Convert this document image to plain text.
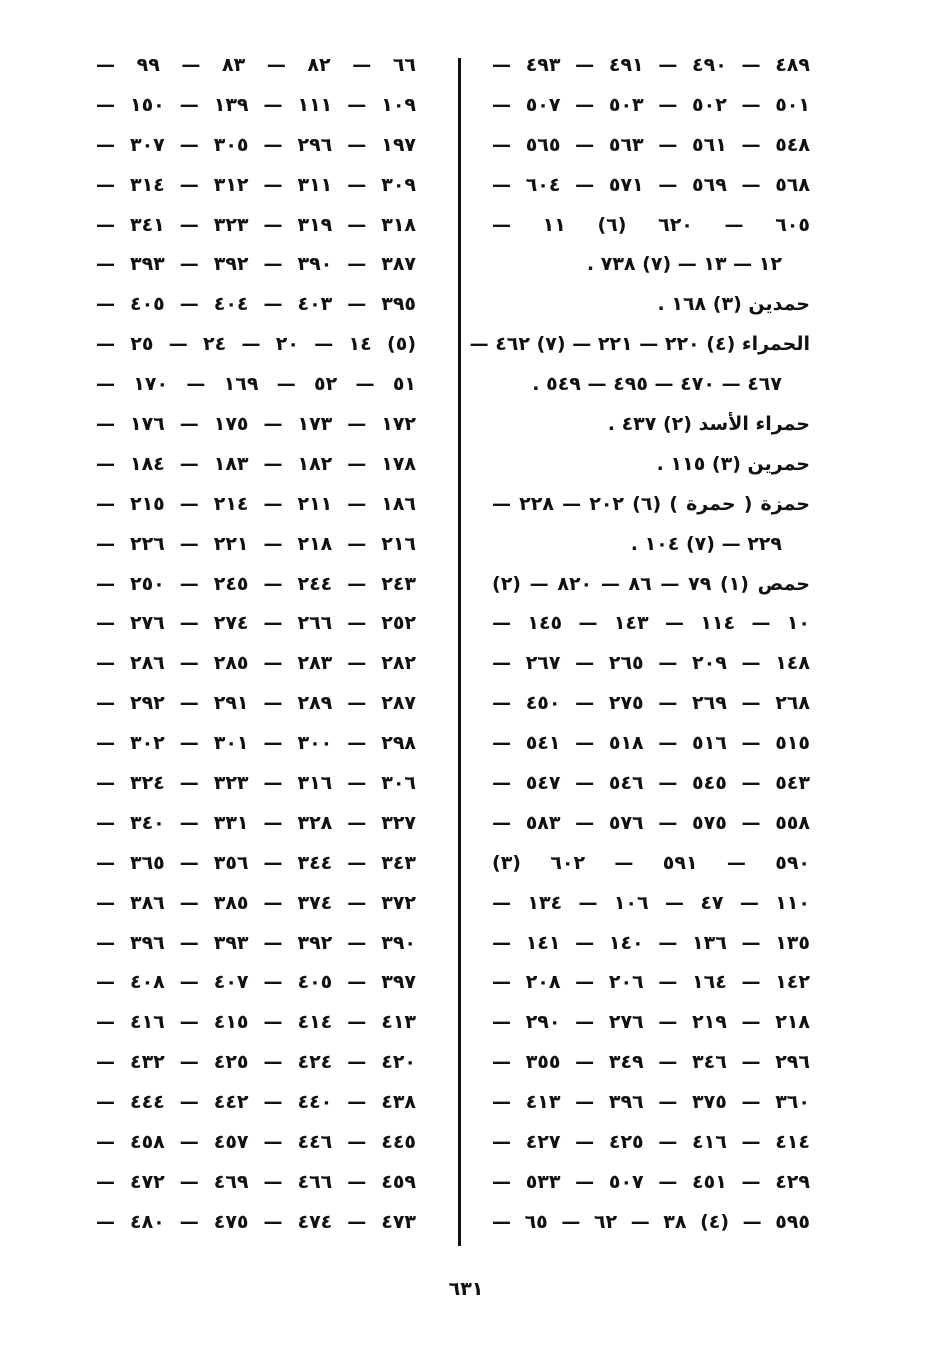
٤٨٩ — ٤٩٠ — ٤٩١ — ٤٩٣ —
٥٠١ — ٥٠٢ — ٥٠٣ — ٥٠٧ —
٥٤٨ — ٥٦١ — ٥٦٣ — ٥٦٥ —
٥٦٨ — ٥٦٩ — ٥٧١ — ٦٠٤ —
٦٠٥ — ٦٢٠ (٦) ١١ —
١٢ — ١٣ — (٧) ٧٣٨ .
حمدين (٣) ١٦٨ .
الحمراء (٤) ٢٢٠ — ٢٢١ — (٧) ٤٦٢ —
٤٦٧ — ٤٧٠ — ٤٩٥ — ٥٤٩ .
حمراء الأسد (٢) ٤٣٧ .
حمرين (٣) ١١٥ .
حمزة ( حمرة ) (٦) ٢٠٢ — ٢٢٨ —
٢٢٩ — (٧) ١٠٤ .
حمص (١) ٧٩ — ٨٦ — ٨٢٠ — (٢)
١٠ — ١١٤ — ١٤٣ — ١٤٥ —
١٤٨ — ٢٠٩ — ٢٦٥ — ٢٦٧ —
٢٦٨ — ٢٦٩ — ٢٧٥ — ٤٥٠ —
٥١٥ — ٥١٦ — ٥١٨ — ٥٤١ —
٥٤٣ — ٥٤٥ — ٥٤٦ — ٥٤٧ —
٥٥٨ — ٥٧٥ — ٥٧٦ — ٥٨٣ —
٥٩٠ — ٥٩١ — ٦٠٢ (٣)
١١٠ — ٤٧ — ١٠٦ — ١٣٤ —
١٣٥ — ١٣٦ — ١٤٠ — ١٤١ —
١٤٢ — ١٦٤ — ٢٠٦ — ٢٠٨ —
٢١٨ — ٢١٩ — ٢٧٦ — ٢٩٠ —
٢٩٦ — ٣٤٦ — ٣٤٩ — ٣٥٥ —
٣٦٠ — ٣٧٥ — ٣٩٦ — ٤١٣ —
٤١٤ — ٤١٦ — ٤٢٥ — ٤٢٧ —
٤٢٩ — ٤٥١ — ٥٠٧ — ٥٣٣ —
٥٩٥ — (٤) ٣٨ — ٦٢ — ٦٥ —
٦٦ — ٨٢ — ٨٣ — ٩٩ —
١٠٩ — ١١١ — ١٣٩ — ١٥٠ —
١٩٧ — ٢٩٦ — ٣٠٥ — ٣٠٧ —
٣٠٩ — ٣١١ — ٣١٢ — ٣١٤ —
٣١٨ — ٣١٩ — ٣٢٣ — ٣٤١ —
٣٨٧ — ٣٩٠ — ٣٩٢ — ٣٩٣ —
٣٩٥ — ٤٠٣ — ٤٠٤ — ٤٠٥ —
(٥) ١٤ — ٢٠ — ٢٤ — ٢٥ —
٥١ — ٥٢ — ١٦٩ — ١٧٠ —
١٧٢ — ١٧٣ — ١٧٥ — ١٧٦ —
١٧٨ — ١٨٢ — ١٨٣ — ١٨٤ —
١٨٦ — ٢١١ — ٢١٤ — ٢١٥ —
٢١٦ — ٢١٨ — ٢٢١ — ٢٢٦ —
٢٤٣ — ٢٤٤ — ٢٤٥ — ٢٥٠ —
٢٥٢ — ٢٦٦ — ٢٧٤ — ٢٧٦ —
٢٨٢ — ٢٨٣ — ٢٨٥ — ٢٨٦ —
٢٨٧ — ٢٨٩ — ٢٩١ — ٢٩٢ —
٢٩٨ — ٣٠٠ — ٣٠١ — ٣٠٢ —
٣٠٦ — ٣١٦ — ٣٢٣ — ٣٢٤ —
٣٢٧ — ٣٢٨ — ٣٣١ — ٣٤٠ —
٣٤٣ — ٣٤٤ — ٣٥٦ — ٣٦٥ —
٣٧٢ — ٣٧٤ — ٣٨٥ — ٣٨٦ —
٣٩٠ — ٣٩٢ — ٣٩٣ — ٣٩٦ —
٣٩٧ — ٤٠٥ — ٤٠٧ — ٤٠٨ —
٤١٣ — ٤١٤ — ٤١٥ — ٤١٦ —
٤٢٠ — ٤٢٤ — ٤٢٥ — ٤٣٢ —
٤٣٨ — ٤٤٠ — ٤٤٢ — ٤٤٤ —
٤٤٥ — ٤٤٦ — ٤٥٧ — ٤٥٨ —
٤٥٩ — ٤٦٦ — ٤٦٩ — ٤٧٢ —
٤٧٣ — ٤٧٤ — ٤٧٥ — ٤٨٠ —
٦٣١
